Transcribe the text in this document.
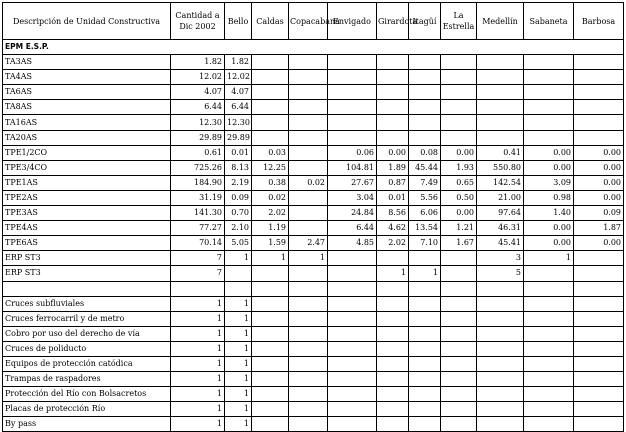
Descripción de Unidad Constructiva	Cantidad a Dic 2002	Bello	Caldas	Copacabana	Envigado	Girardota	Itagüí	La Estrella	Medellín	Sabaneta	Barbosa
EPM E.S.P.											
TA3AS	1.82	1.82									
TA4AS	12.02	12.02									
TA6AS	4.07	4.07									
TA8AS	6.44	6.44									
TA16AS	12.30	12.30									
TA20AS	29.89	29.89									
TPE1/2CO	0.61	0.01	0.03		0.06	0.00	0.08	0.00	0.41	0.00	0.00
TPE3/4CO	725.26	8.13	12.25		104.81	1.89	45.44	1.93	550.80	0.00	0.00
TPE1AS	184.90	2.19	0.38	0.02	27.67	0.87	7.49	0.65	142.54	3.09	0.00
TPE2AS	31.19	0.09	0.02		3.04	0.01	5.56	0.50	21.00	0.98	0.00
TPE3AS	141.30	0.70	2.02		24.84	8.56	6.06	0.00	97.64	1.40	0.09
TPE4AS	77.27	2.10	1.19		6.44	4.62	13.54	1.21	46.31	0.00	1.87
TPE6AS	70.14	5.05	1.59	2.47	4.85	2.02	7.10	1.67	45.41	0.00	0.00
ERP ST3	7	1	1	1					3	1	
ERP ST3	7					1	1		5		

Cruces subfluviales	1	1									
Cruces ferrocarril y de metro	1	1									
Cobro por uso del derecho de vía	1	1									
Cruces de poliducto	1	1									
Equipos de protección catódica	1	1									
Trampas de raspadores	1	1									
Protección del Río con Bolsacretos	1	1									
Placas de protección Río	1	1									
By pass	1	1									
